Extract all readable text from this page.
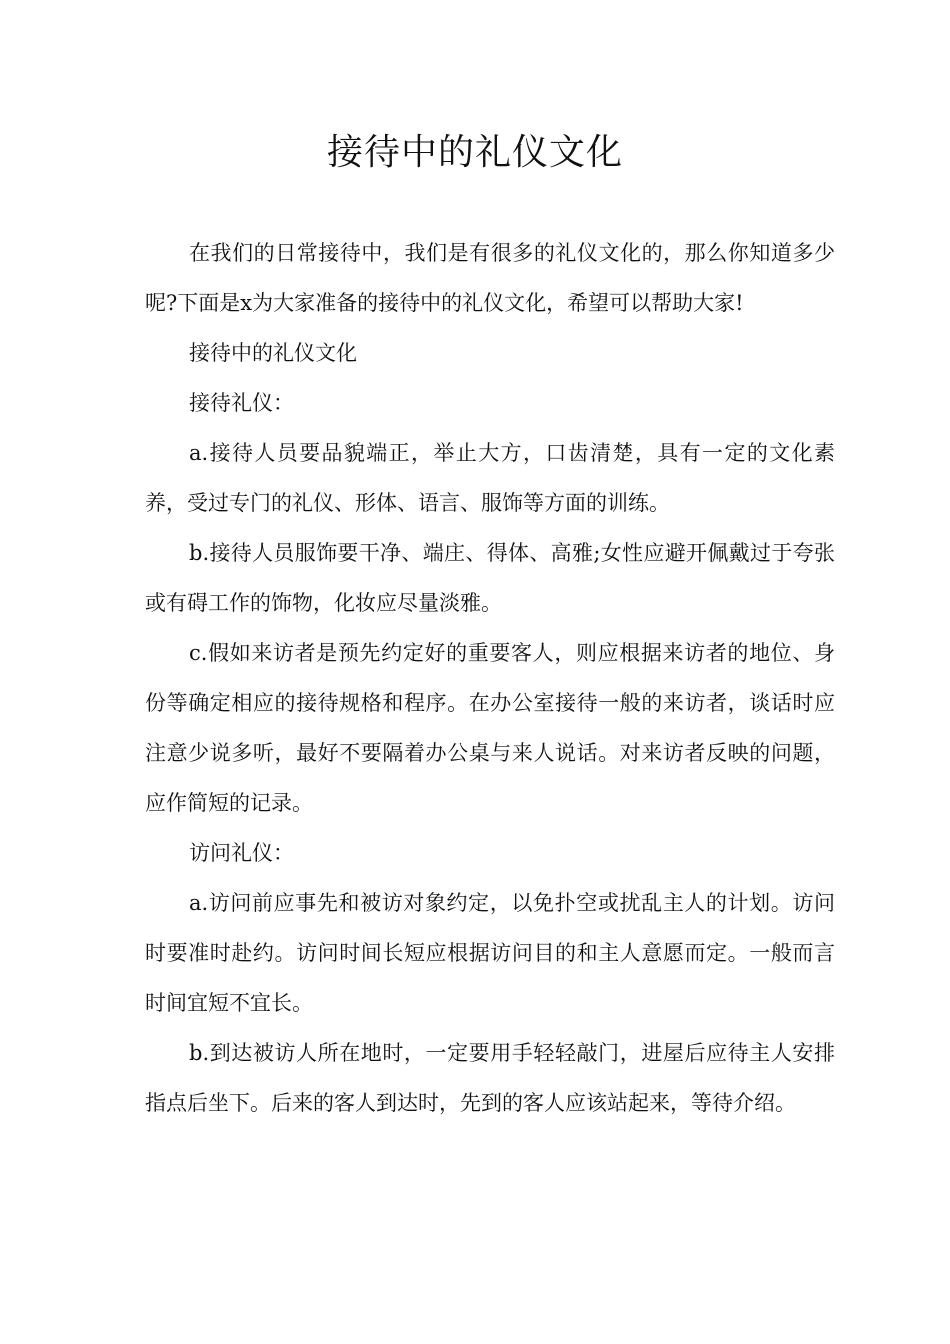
接待中的礼仪文化

在我们的日常接待中，我们是有很多的礼仪文化的，那么你知道多少呢?下面是x为大家准备的接待中的礼仪文化，希望可以帮助大家!

接待中的礼仪文化

接待礼仪：

a.接待人员要品貌端正，举止大方，口齿清楚，具有一定的文化素养，受过专门的礼仪、形体、语言、服饰等方面的训练。

b.接待人员服饰要干净、端庄、得体、高雅;女性应避开佩戴过于夸张或有碍工作的饰物，化妆应尽量淡雅。

c.假如来访者是预先约定好的重要客人，则应根据来访者的地位、身份等确定相应的接待规格和程序。在办公室接待一般的来访者，谈话时应注意少说多听，最好不要隔着办公桌与来人说话。对来访者反映的问题，应作简短的记录。

访问礼仪：

a.访问前应事先和被访对象约定，以免扑空或扰乱主人的计划。访问时要准时赴约。访问时间长短应根据访问目的和主人意愿而定。一般而言时间宜短不宜长。

b.到达被访人所在地时，一定要用手轻轻敲门，进屋后应待主人安排指点后坐下。后来的客人到达时，先到的客人应该站起来，等待介绍。
